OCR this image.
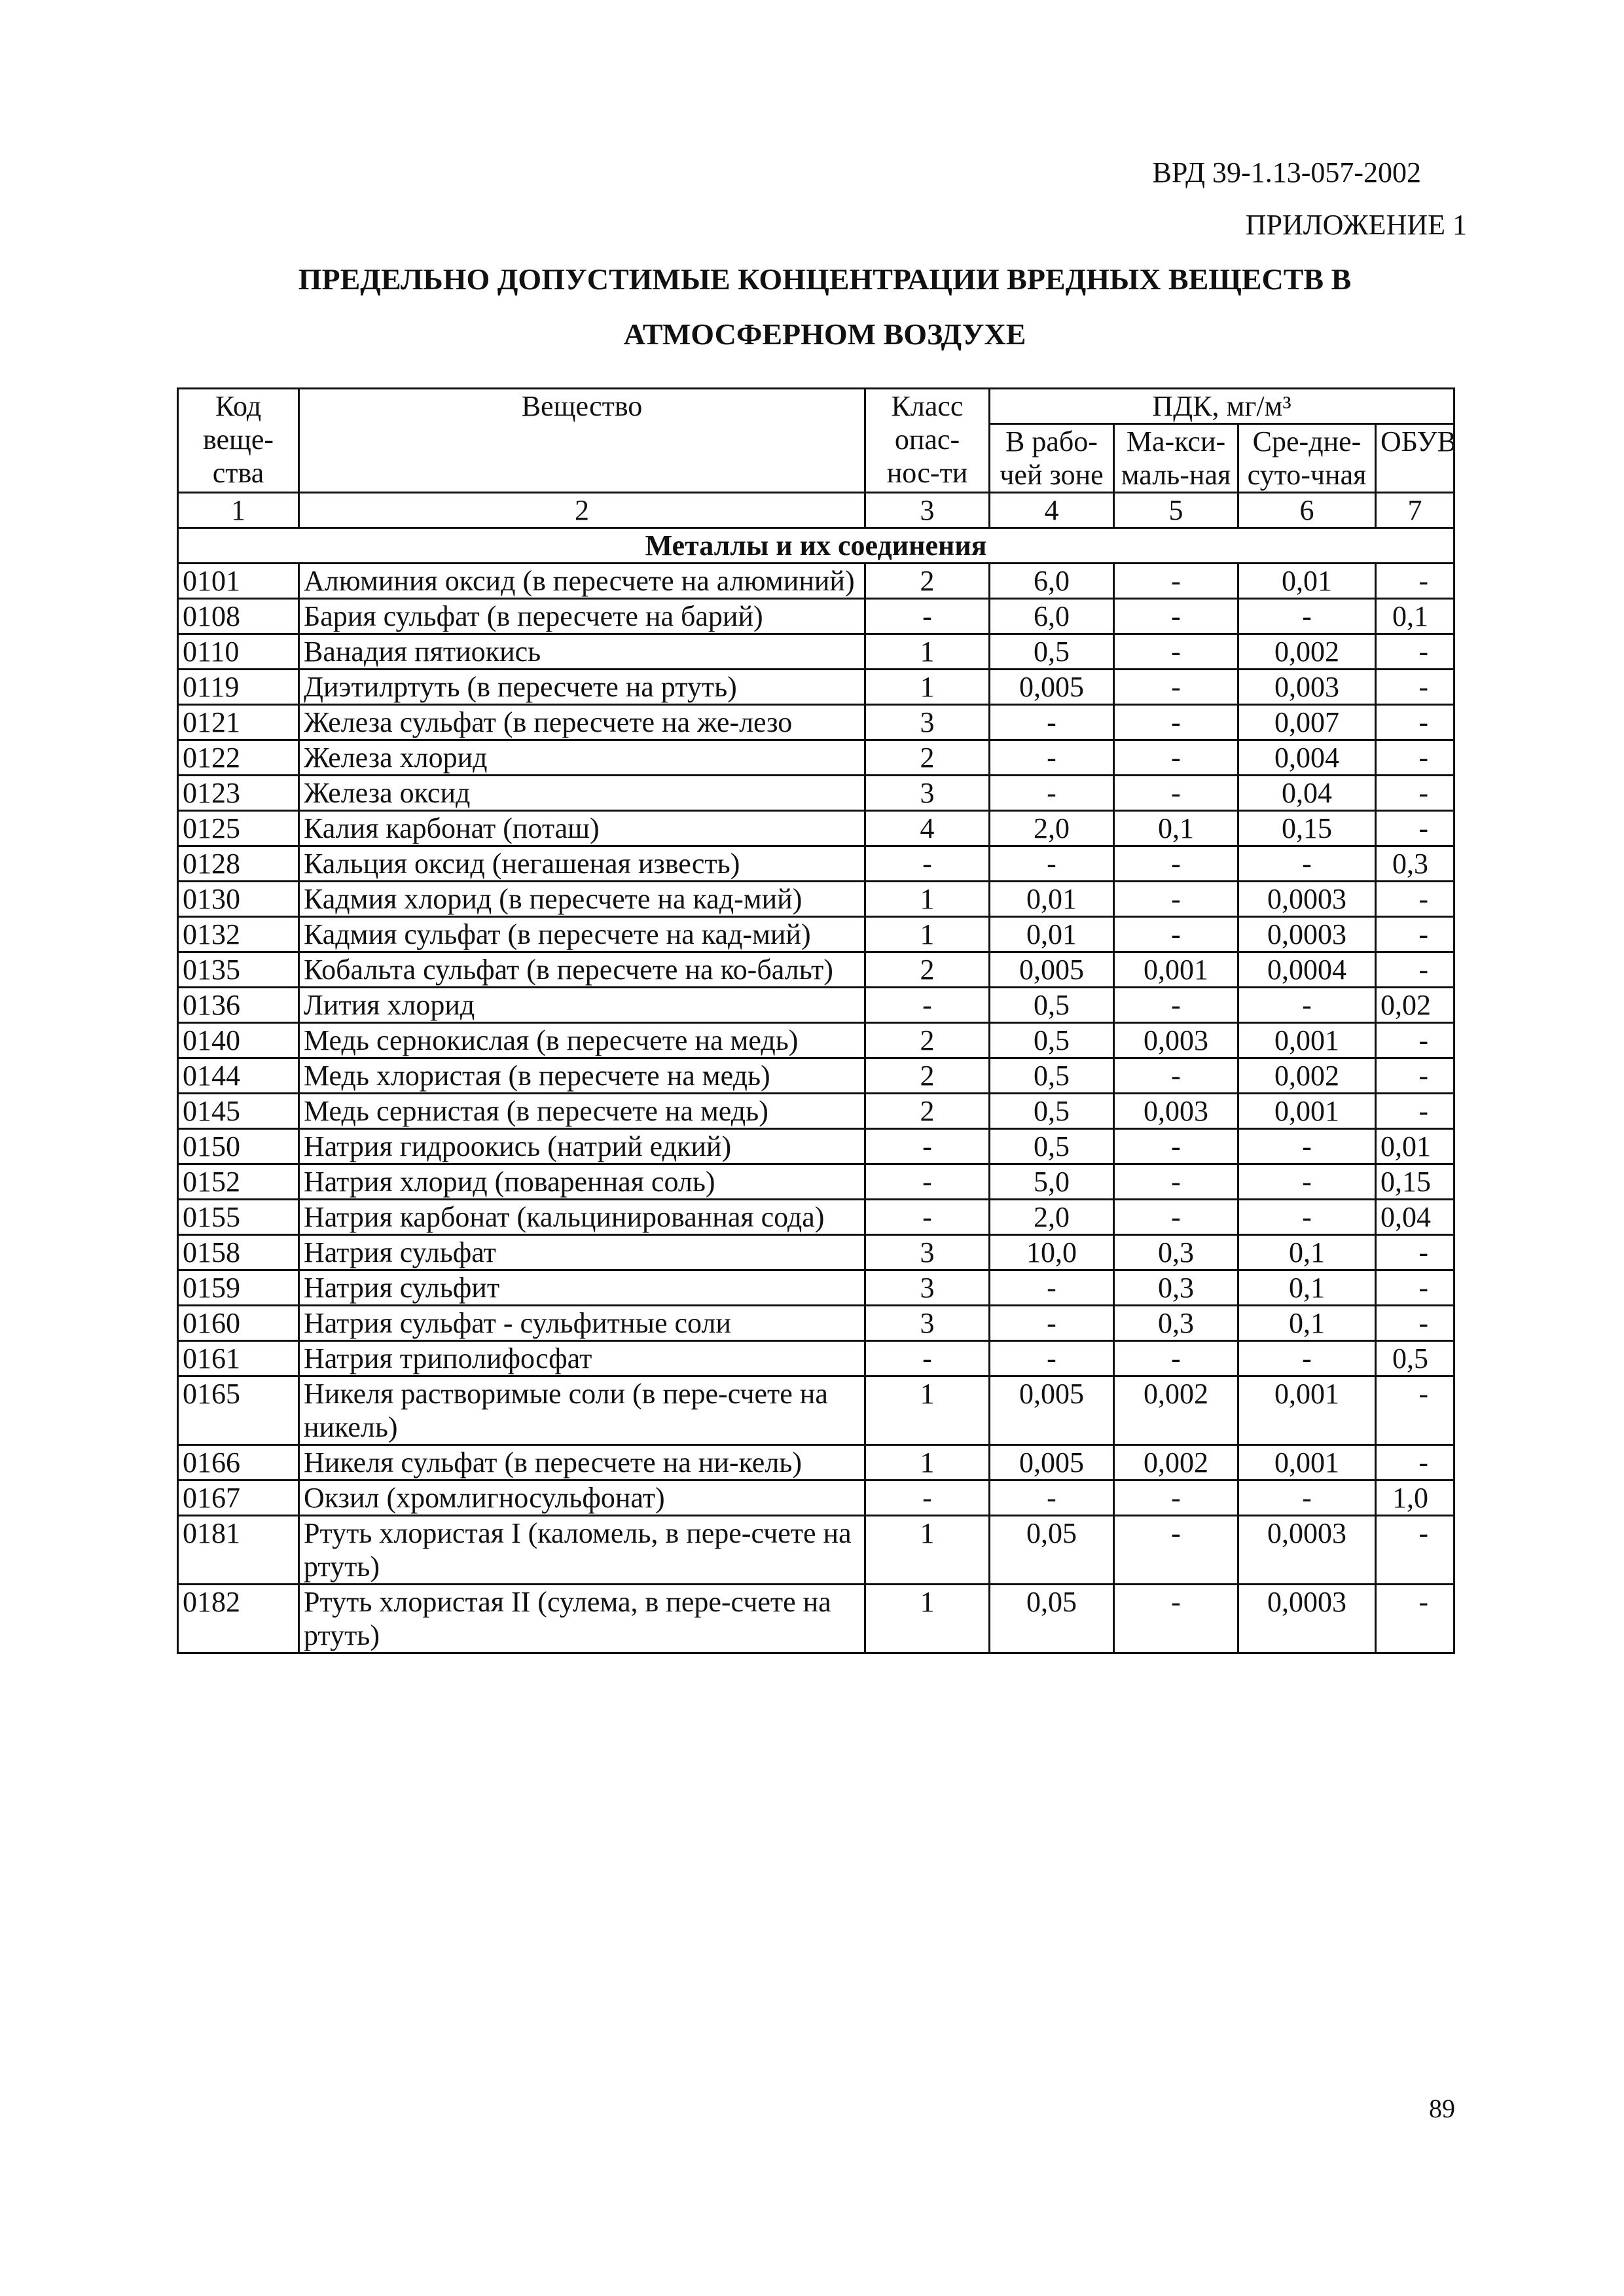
ВРД 39-1.13-057-2002
ПРИЛОЖЕНИЕ 1
ПРЕДЕЛЬНО ДОПУСТИМЫЕ КОНЦЕНТРАЦИИ ВРЕДНЫХ ВЕЩЕСТВ В
АТМОСФЕРНОМ ВОЗДУХЕ
Код веще-ства	Вещество	Класс опас-нос-ти	ПДК, мг/м³			
			В рабо-чей зоне	Ма-кси-маль-ная	Сре-дне-суто-чная	ОБУВ
1	2	3	4	5	6	7
Металлы и их соединения						
0101	Алюминия оксид (в пересчете на алюминий)	2	6,0	-	0,01	-
0108	Бария сульфат (в пересчете на барий)	-	6,0	-	-	0,1
0110	Ванадия пятиокись	1	0,5	-	0,002	-
0119	Диэтилртуть (в пересчете на ртуть)	1	0,005	-	0,003	-
0121	Железа сульфат (в пересчете на же-лезо	3	-	-	0,007	-
0122	Железа хлорид	2	-	-	0,004	-
0123	Железа оксид	3	-	-	0,04	-
0125	Калия карбонат (поташ)	4	2,0	0,1	0,15	-
0128	Кальция оксид (негашеная известь)	-	-	-	-	0,3
0130	Кадмия хлорид (в пересчете на кад-мий)	1	0,01	-	0,0003	-
0132	Кадмия сульфат (в пересчете на кад-мий)	1	0,01	-	0,0003	-
0135	Кобальта сульфат (в пересчете на ко-бальт)	2	0,005	0,001	0,0004	-
0136	Лития хлорид	-	0,5	-	-	0,02
0140	Медь сернокислая (в пересчете на медь)	2	0,5	0,003	0,001	-
0144	Медь хлористая (в пересчете на медь)	2	0,5	-	0,002	-
0145	Медь сернистая (в пересчете на медь)	2	0,5	0,003	0,001	-
0150	Натрия гидроокись (натрий едкий)	-	0,5	-	-	0,01
0152	Натрия хлорид (поваренная соль)	-	5,0	-	-	0,15
0155	Натрия карбонат (кальцинированная сода)	-	2,0	-	-	0,04
0158	Натрия сульфат	3	10,0	0,3	0,1	-
0159	Натрия сульфит	3	-	0,3	0,1	-
0160	Натрия сульфат - сульфитные соли	3	-	0,3	0,1	-
0161	Натрия триполифосфат	-	-	-	-	0,5
0165	Никеля растворимые соли (в пере-счете на никель)	1	0,005	0,002	0,001	-
0166	Никеля сульфат (в пересчете на ни-кель)	1	0,005	0,002	0,001	-
0167	Окзил (хромлигносульфонат)	-	-	-	-	1,0
0181	Ртуть хлористая I (каломель, в пере-счете на ртуть)	1	0,05	-	0,0003	-
0182	Ртуть хлористая II (сулема, в пере-счете на ртуть)	1	0,05	-	0,0003	-
89
